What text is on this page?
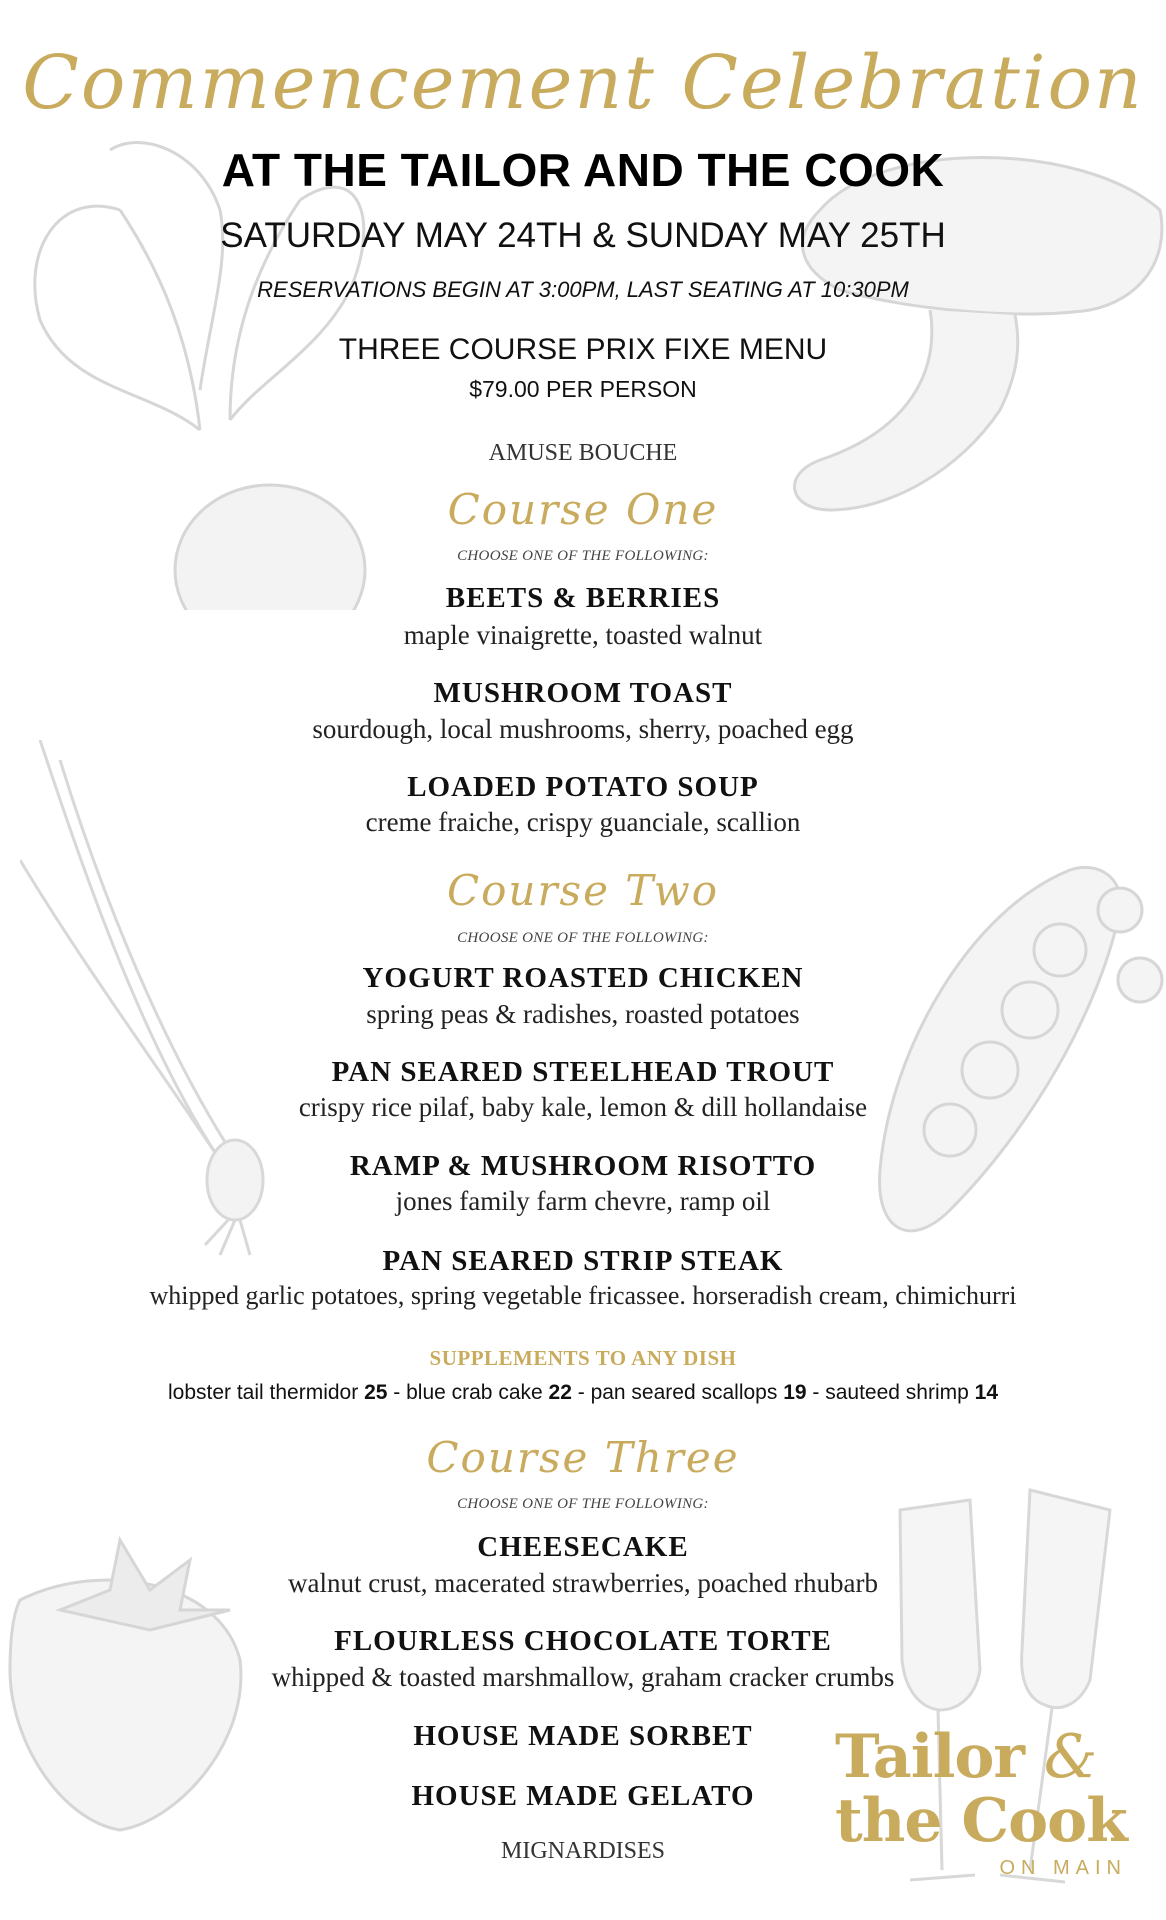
Commencement Celebration
AT THE TAILOR AND THE COOK
SATURDAY MAY 24TH & SUNDAY MAY 25TH
RESERVATIONS BEGIN AT 3:00PM, LAST SEATING AT 10:30PM
THREE COURSE PRIX FIXE MENU
$79.00 PER PERSON
AMUSE BOUCHE
Course One
CHOOSE ONE OF THE FOLLOWING:
BEETS & BERRIES
maple vinaigrette, toasted walnut
MUSHROOM TOAST
sourdough, local mushrooms, sherry, poached egg
LOADED POTATO SOUP
creme fraiche, crispy guanciale, scallion
Course Two
CHOOSE ONE OF THE FOLLOWING:
YOGURT ROASTED CHICKEN
spring peas & radishes, roasted potatoes
PAN SEARED STEELHEAD TROUT
crispy rice pilaf, baby kale, lemon & dill hollandaise
RAMP & MUSHROOM RISOTTO
jones family farm chevre, ramp oil
PAN SEARED STRIP STEAK
whipped garlic potatoes, spring vegetable fricassee. horseradish cream, chimichurri
SUPPLEMENTS TO ANY DISH
lobster tail thermidor 25 - blue crab cake 22 - pan seared scallops 19 - sauteed shrimp 14
Course Three
CHOOSE ONE OF THE FOLLOWING:
CHEESECAKE
walnut crust, macerated strawberries, poached rhubarb
FLOURLESS CHOCOLATE TORTE
whipped & toasted marshmallow, graham cracker crumbs
HOUSE MADE SORBET
HOUSE MADE GELATO
MIGNARDISES
Tailor &
the Cook
ON MAIN
